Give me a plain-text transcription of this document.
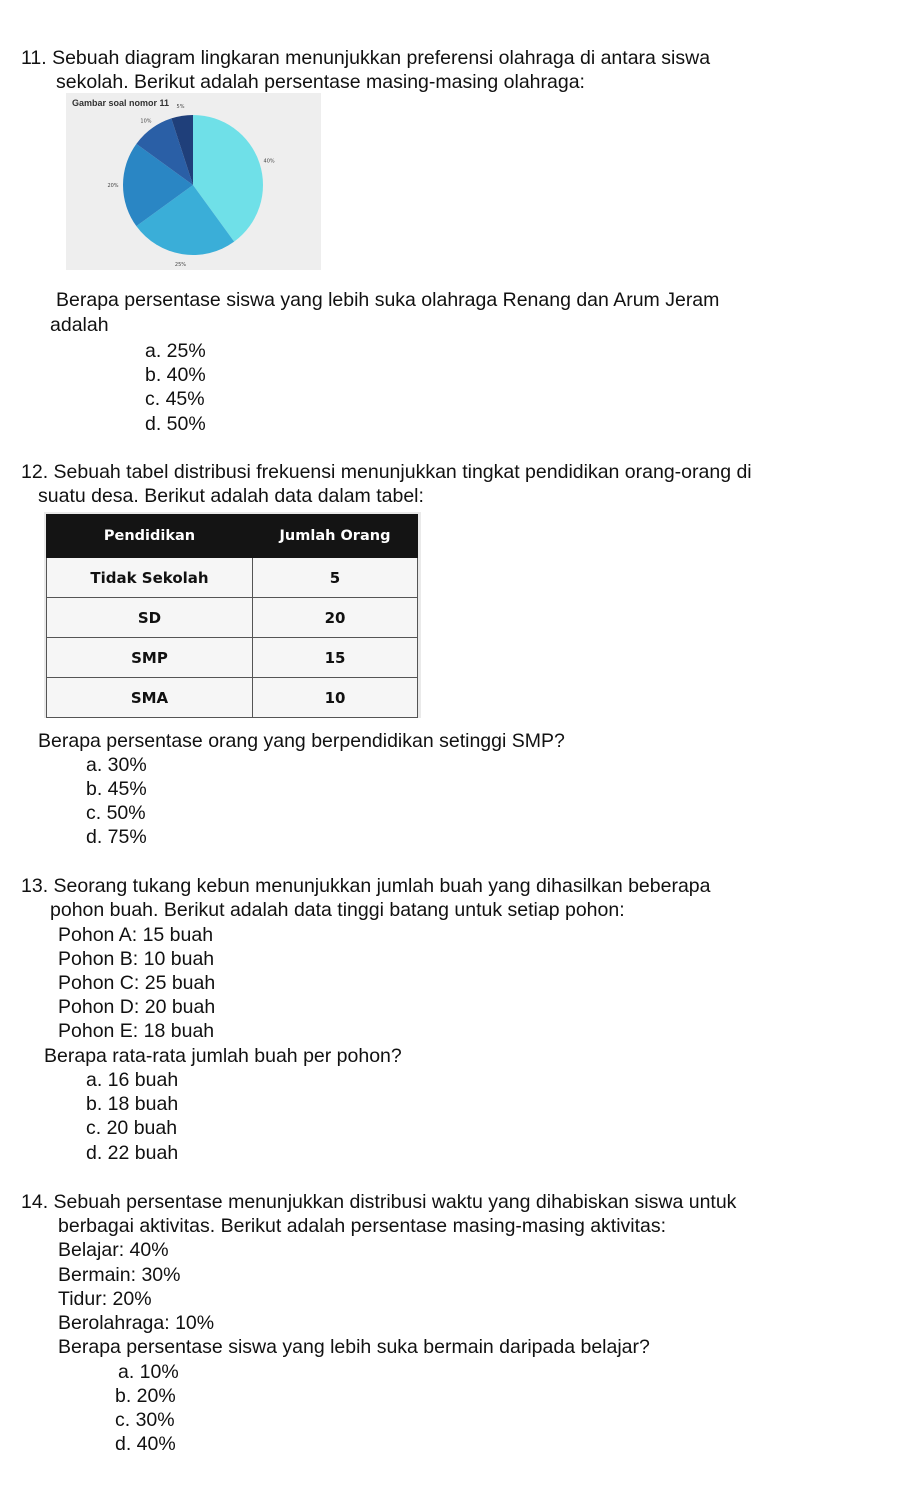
11. Sebuah diagram lingkaran menunjukkan preferensi olahraga di antara siswa
sekolah. Berikut adalah persentase masing-masing olahraga:
Gambar soal nomor 11
40%
25%
20%
10%
5%
Berapa persentase siswa yang lebih suka olahraga Renang dan Arum Jeram
adalah
a. 25%
b. 40%
c. 45%
d. 50%
12. Sebuah tabel distribusi frekuensi menunjukkan tingkat pendidikan orang-orang di
suatu desa. Berikut adalah data dalam tabel:
Pendidikan	Jumlah Orang
Tidak Sekolah	5
SD	20
SMP	15
SMA	10
Berapa persentase orang yang berpendidikan setinggi SMP?
a. 30%
b. 45%
c. 50%
d. 75%
13. Seorang tukang kebun menunjukkan jumlah buah yang dihasilkan beberapa
pohon buah. Berikut adalah data tinggi batang untuk setiap pohon:
Pohon A: 15 buah
Pohon B: 10 buah
Pohon C: 25 buah
Pohon D: 20 buah
Pohon E: 18 buah
Berapa rata-rata jumlah buah per pohon?
a. 16 buah
b. 18 buah
c. 20 buah
d. 22 buah
14. Sebuah persentase menunjukkan distribusi waktu yang dihabiskan siswa untuk
berbagai aktivitas. Berikut adalah persentase masing-masing aktivitas:
Belajar: 40%
Bermain: 30%
Tidur: 20%
Berolahraga: 10%
Berapa persentase siswa yang lebih suka bermain daripada belajar?
a. 10%
b. 20%
c. 30%
d. 40%
